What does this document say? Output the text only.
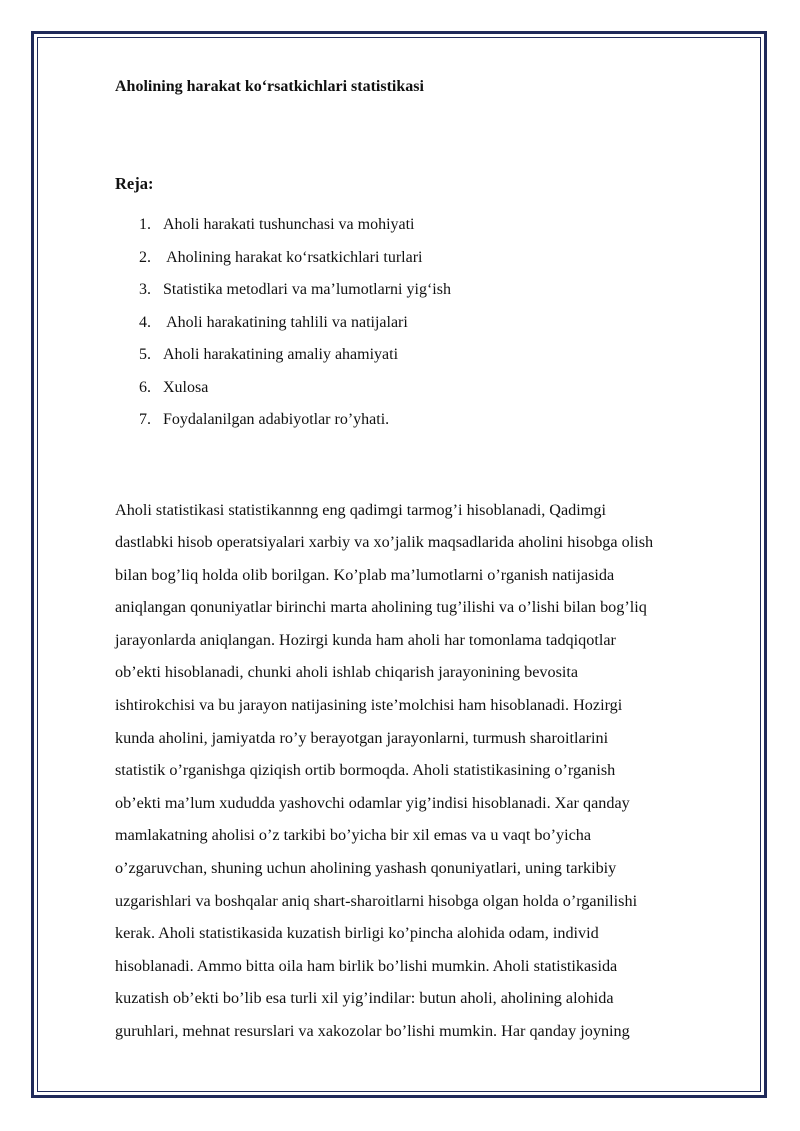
Aholining harakat ko‘rsatkichlari statistikasi
Reja:
1. Aholi harakati tushunchasi va mohiyati
2. Aholining harakat ko‘rsatkichlari turlari
3. Statistika metodlari va ma’lumotlarni yig‘ish
4. Aholi harakatining tahlili va natijalari
5. Aholi harakatining amaliy ahamiyati
6. Xulosa
7. Foydalanilgan adabiyotlar ro’yhati.

Aholi statistikasi statistikannng eng qadimgi tarmog’i hisoblanadi, Qadimgi
dastlabki hisob operatsiyalari xarbiy va xo’jalik maqsadlarida aholini hisobga olish
bilan bog’liq holda olib borilgan. Ko’plab ma’lumotlarni o’rganish natijasida
aniqlangan qonuniyatlar birinchi marta aholining tug’ilishi va o’lishi bilan bog’liq
jarayonlarda aniqlangan. Hozirgi kunda ham aholi har tomonlama tadqiqotlar
ob’ekti hisoblanadi, chunki aholi ishlab chiqarish jarayonining bevosita
ishtirokchisi va bu jarayon natijasining iste’molchisi ham hisoblanadi. Hozirgi
kunda aholini, jamiyatda ro’y berayotgan jarayonlarni, turmush sharoitlarini
statistik o’rganishga qiziqish ortib bormoqda. Aholi statistikasining o’rganish
ob’ekti ma’lum xududda yashovchi odamlar yig’indisi hisoblanadi. Xar qanday
mamlakatning aholisi o’z tarkibi bo’yicha bir xil emas va u vaqt bo’yicha
o’zgaruvchan, shuning uchun aholining yashash qonuniyatlari, uning tarkibiy
uzgarishlari va boshqalar aniq shart-sharoitlarni hisobga olgan holda o’rganilishi
kerak. Aholi statistikasida kuzatish birligi ko’pincha alohida odam, individ
hisoblanadi. Ammo bitta oila ham birlik bo’lishi mumkin. Aholi statistikasida
kuzatish ob’ekti bo’lib esa turli xil yig’indilar: butun aholi, aholining alohida
guruhlari, mehnat resurslari va xakozolar bo’lishi mumkin. Har qanday joyning
